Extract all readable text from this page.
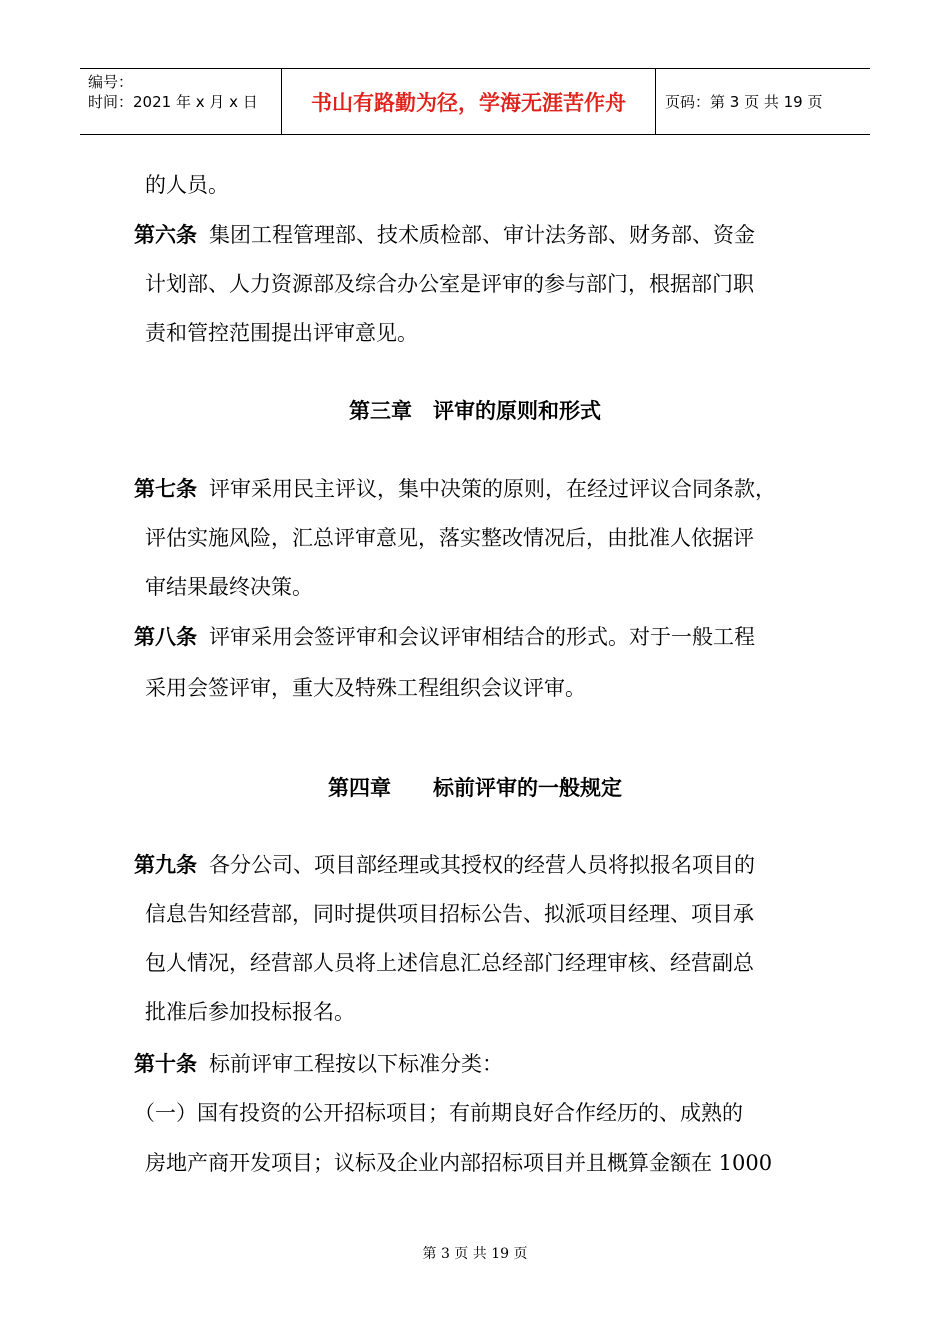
编号：
时间：2021 年 x 月 x 日	书山有路勤为径，学海无涯苦作舟	页码：第 3 页 共 19 页
的人员。
第六条 集团工程管理部、技术质检部、审计法务部、财务部、资金
计划部、人力资源部及综合办公室是评审的参与部门，根据部门职
责和管控范围提出评审意见。
第三章　评审的原则和形式
第七条 评审采用民主评议，集中决策的原则，在经过评议合同条款，
评估实施风险，汇总评审意见，落实整改情况后，由批准人依据评
审结果最终决策。
第八条 评审采用会签评审和会议评审相结合的形式。对于一般工程
采用会签评审，重大及特殊工程组织会议评审。
第四章　　标前评审的一般规定
第九条 各分公司、项目部经理或其授权的经营人员将拟报名项目的
信息告知经营部，同时提供项目招标公告、拟派项目经理、项目承
包人情况，经营部人员将上述信息汇总经部门经理审核、经营副总
批准后参加投标报名。
第十条 标前评审工程按以下标准分类：
（一）国有投资的公开招标项目；有前期良好合作经历的、成熟的
房地产商开发项目；议标及企业内部招标项目并且概算金额在 1000
第 3 页 共 19 页
